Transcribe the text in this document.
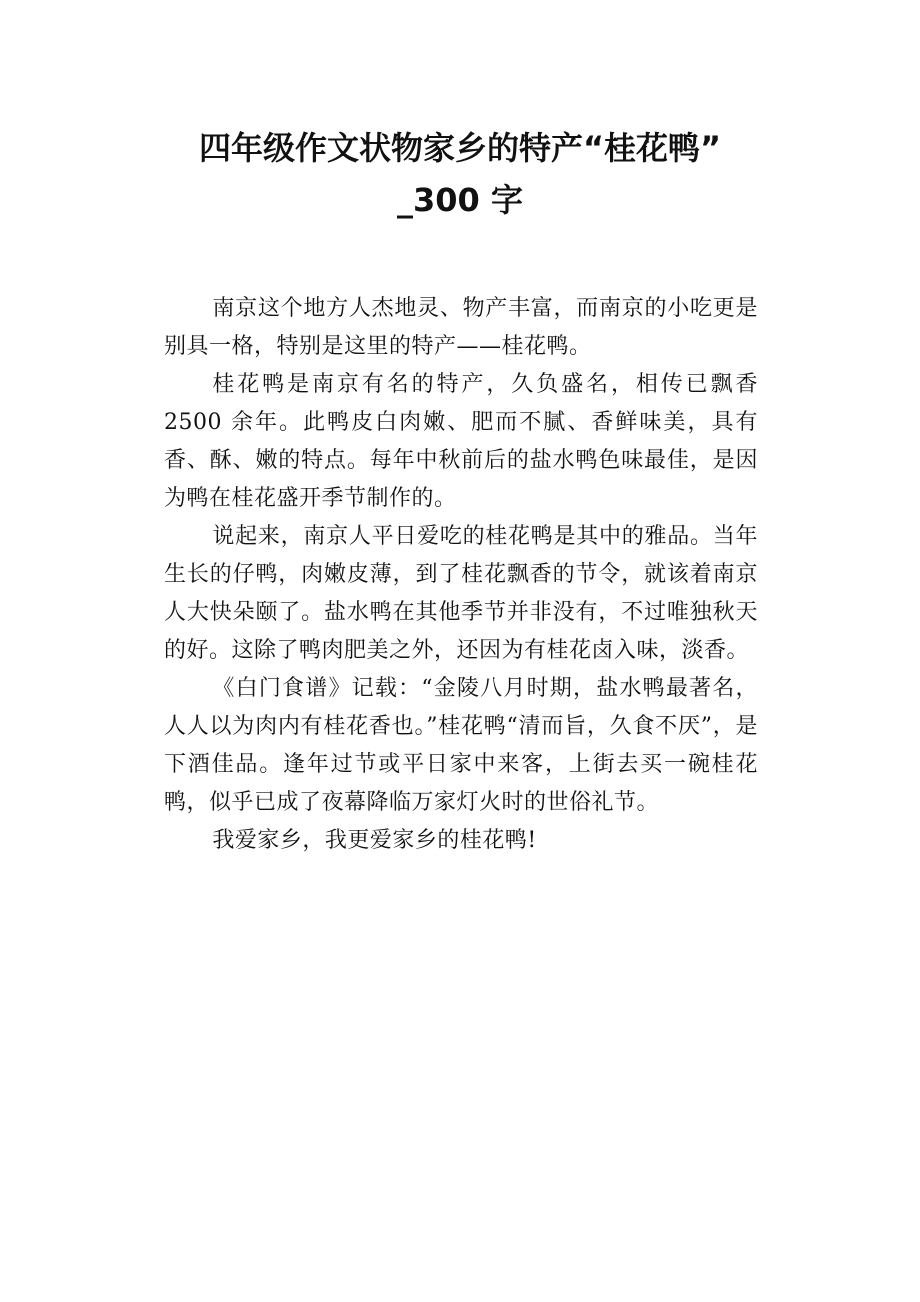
四年级作文状物家乡的特产“桂花鸭”
_300 字

南京这个地方人杰地灵、物产丰富，而南京的小吃更是别具一格，特别是这里的特产——桂花鸭。

桂花鸭是南京有名的特产，久负盛名，相传已飘香2500 余年。此鸭皮白肉嫩、肥而不腻、香鲜味美，具有香、酥、嫩的特点。每年中秋前后的盐水鸭色味最佳，是因为鸭在桂花盛开季节制作的。

说起来，南京人平日爱吃的桂花鸭是其中的雅品。当年生长的仔鸭，肉嫩皮薄，到了桂花飘香的节令，就该着南京人大快朵颐了。盐水鸭在其他季节并非没有，不过唯独秋天的好。这除了鸭肉肥美之外，还因为有桂花卤入味，淡香。

《白门食谱》记载：“金陵八月时期，盐水鸭最著名，人人以为肉内有桂花香也。”桂花鸭“清而旨，久食不厌”，是下酒佳品。逢年过节或平日家中来客，上街去买一碗桂花鸭，似乎已成了夜幕降临万家灯火时的世俗礼节。

我爱家乡，我更爱家乡的桂花鸭!
